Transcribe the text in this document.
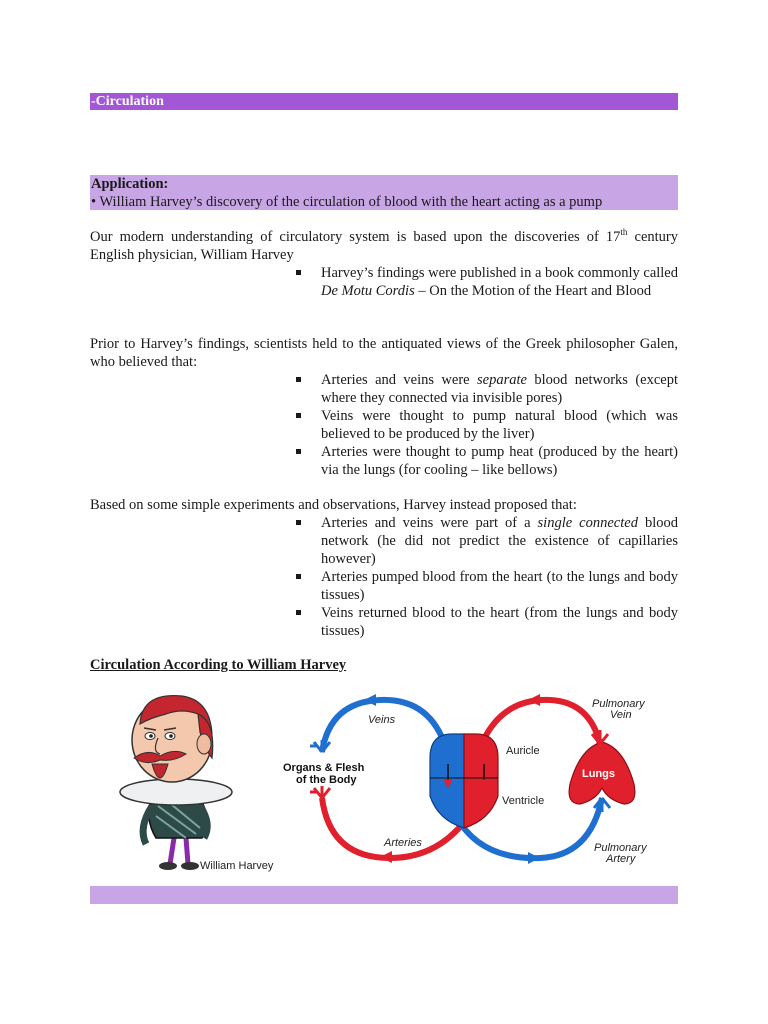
-Circulation
Application:
• William Harvey’s discovery of the circulation of blood with the heart acting as a pump
Our modern understanding of circulatory system is based upon the discoveries of 17th century English physician, William Harvey
Harvey’s findings were published in a book commonly called De Motu Cordis – On the Motion of the Heart and Blood
Prior to Harvey’s findings, scientists held to the antiquated views of the Greek philosopher Galen, who believed that:
Arteries and veins were separate blood networks (except where they connected via invisible pores)
Veins were thought to pump natural blood (which was believed to be produced by the liver)
Arteries were thought to pump heat (produced by the heart) via the lungs (for cooling – like bellows)
Based on some simple experiments and observations, Harvey instead proposed that:
Arteries and veins were part of a single connected blood network (he did not predict the existence of capillaries however)
Arteries pumped blood from the heart (to the lungs and body tissues)
Veins returned blood to the heart (from the lungs and body tissues)
Circulation According to William Harvey
William Harvey
Veins
Organs & Flesh
of the Body
Auricle
Ventricle
Arteries
Lungs
Pulmonary
Vein
Pulmonary
Artery
